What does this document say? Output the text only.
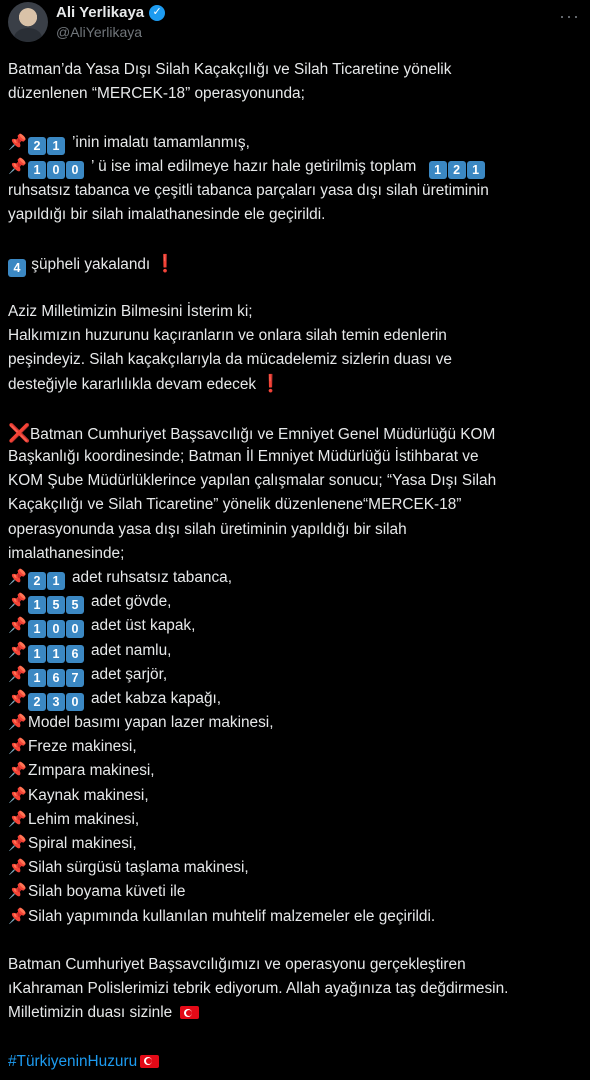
Ali Yerlikaya ✓
@AliYerlikaya
···
Batman’da Yasa Dışı Silah Kaçakçılığı ve Silah Ticaretine yönelik
düzenlenen “MERCEK-18” operasyonunda;
📌 2 1 ’inin imalatı tamamlanmış,
📌 1 0 0 ’ ü ise imal edilmeye hazır hale getirilmiş toplam 1 2 1
ruhsatsız tabanca ve çeşitli tabanca parçaları yasa dışı silah üretiminin
yapıldığı bir silah imalathanesinde ele geçirildi.
4 şüpheli yakalandı ❗
Aziz Milletimizin Bilmesini İsterim ki;
Halkımızın huzurunu kaçıranların ve onlara silah temin edenlerin
peşindeyiz. Silah kaçakçılarıyla da mücadelemiz sizlerin duası ve
desteğiyle kararlılıkla devam edecek ❗
❌Batman Cumhuriyet Başsavcılığı ve Emniyet Genel Müdürlüğü KOM
Başkanlığı koordinesinde; Batman İl Emniyet Müdürlüğü İstihbarat ve
KOM Şube Müdürlüklerince yapılan çalışmalar sonucu; “Yasa Dışı Silah
Kaçakçılığı ve Silah Ticaretine” yönelik düzenlenene“MERCEK-18”
operasyonunda yasa dışı silah üretiminin yapıldığı bir silah
imalathanesinde;
📌 2 1 adet ruhsatsız tabanca,
📌 1 5 5 adet gövde,
📌 1 0 0 adet üst kapak,
📌 1 1 6 adet namlu,
📌 1 6 7 adet şarjör,
📌 2 3 0 adet kabza kapağı,
📌Model basımı yapan lazer makinesi,
📌Freze makinesi,
📌Zımpara makinesi,
📌Kaynak makinesi,
📌Lehim makinesi,
📌Spiral makinesi,
📌Silah sürgüsü taşlama makinesi,
📌Silah boyama küveti ile
📌Silah yapımında kullanılan muhtelif malzemeler ele geçirildi.
Batman Cumhuriyet Başsavcılığımızı ve operasyonu gerçekleştiren
ıKahraman Polislerimizi tebrik ediyorum. Allah ayağınıza taş değdirmesin.
Milletimizin duası sizinle
#TürkiyeninHuzuru
